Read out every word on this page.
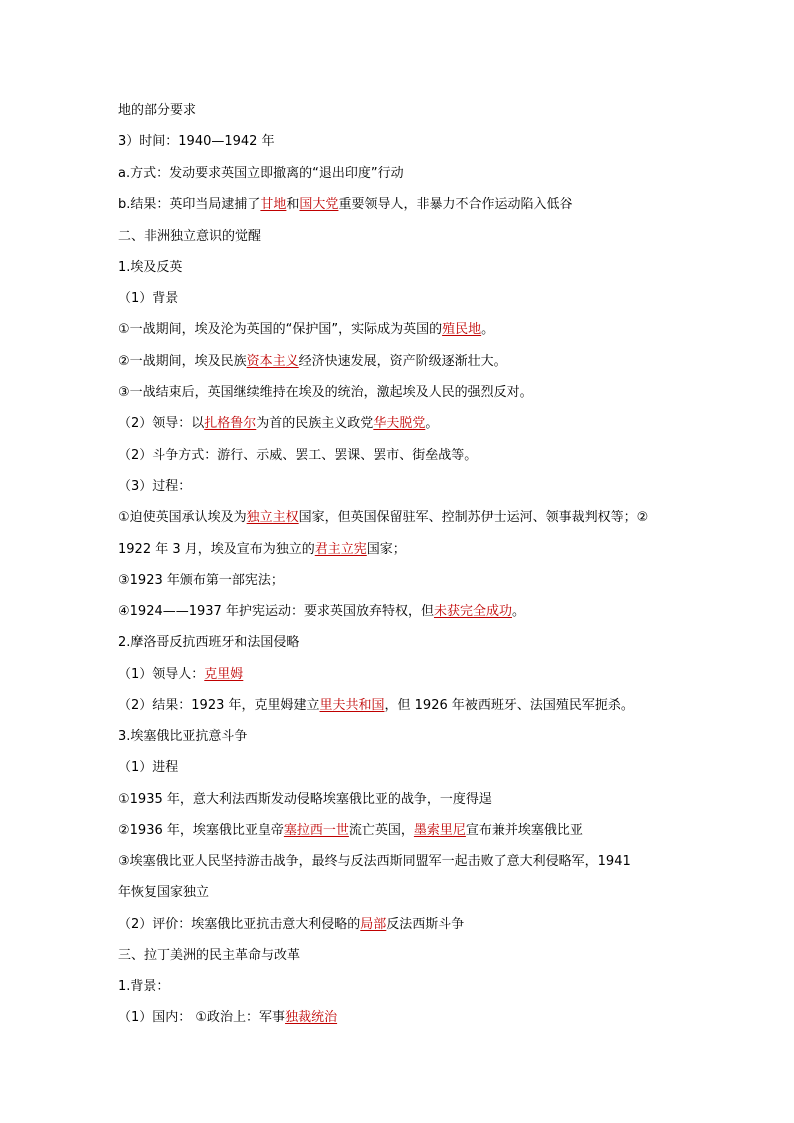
地的部分要求
3）时间：1940—1942 年
a.方式：发动要求英国立即撤离的“退出印度”行动
b.结果：英印当局逮捕了甘地和国大党重要领导人，非暴力不合作运动陷入低谷
二、非洲独立意识的觉醒
1.埃及反英
（1）背景
①一战期间，埃及沦为英国的“保护国”，实际成为英国的殖民地。
②一战期间，埃及民族资本主义经济快速发展，资产阶级逐渐壮大。
③一战结束后，英国继续维持在埃及的统治，激起埃及人民的强烈反对。
（2）领导：以扎格鲁尔为首的民族主义政党华夫脱党。
（2）斗争方式：游行、示威、罢工、罢课、罢市、街垒战等。
（3）过程：
①迫使英国承认埃及为独立主权国家，但英国保留驻军、控制苏伊士运河、领事裁判权等；②
1922 年 3 月，埃及宣布为独立的君主立宪国家；
③1923 年颁布第一部宪法；
④1924——1937 年护宪运动：要求英国放弃特权，但未获完全成功。
2.摩洛哥反抗西班牙和法国侵略
（1）领导人：克里姆
（2）结果：1923 年，克里姆建立里夫共和国，但 1926 年被西班牙、法国殖民军扼杀。
3.埃塞俄比亚抗意斗争
（1）进程
①1935 年，意大利法西斯发动侵略埃塞俄比亚的战争，一度得逞
②1936 年，埃塞俄比亚皇帝塞拉西一世流亡英国，墨索里尼宣布兼并埃塞俄比亚
③埃塞俄比亚人民坚持游击战争，最终与反法西斯同盟军一起击败了意大利侵略军，1941
年恢复国家独立
（2）评价：埃塞俄比亚抗击意大利侵略的局部反法西斯斗争
三、拉丁美洲的民主革命与改革
1.背景：
（1）国内： ①政治上：军事独裁统治
